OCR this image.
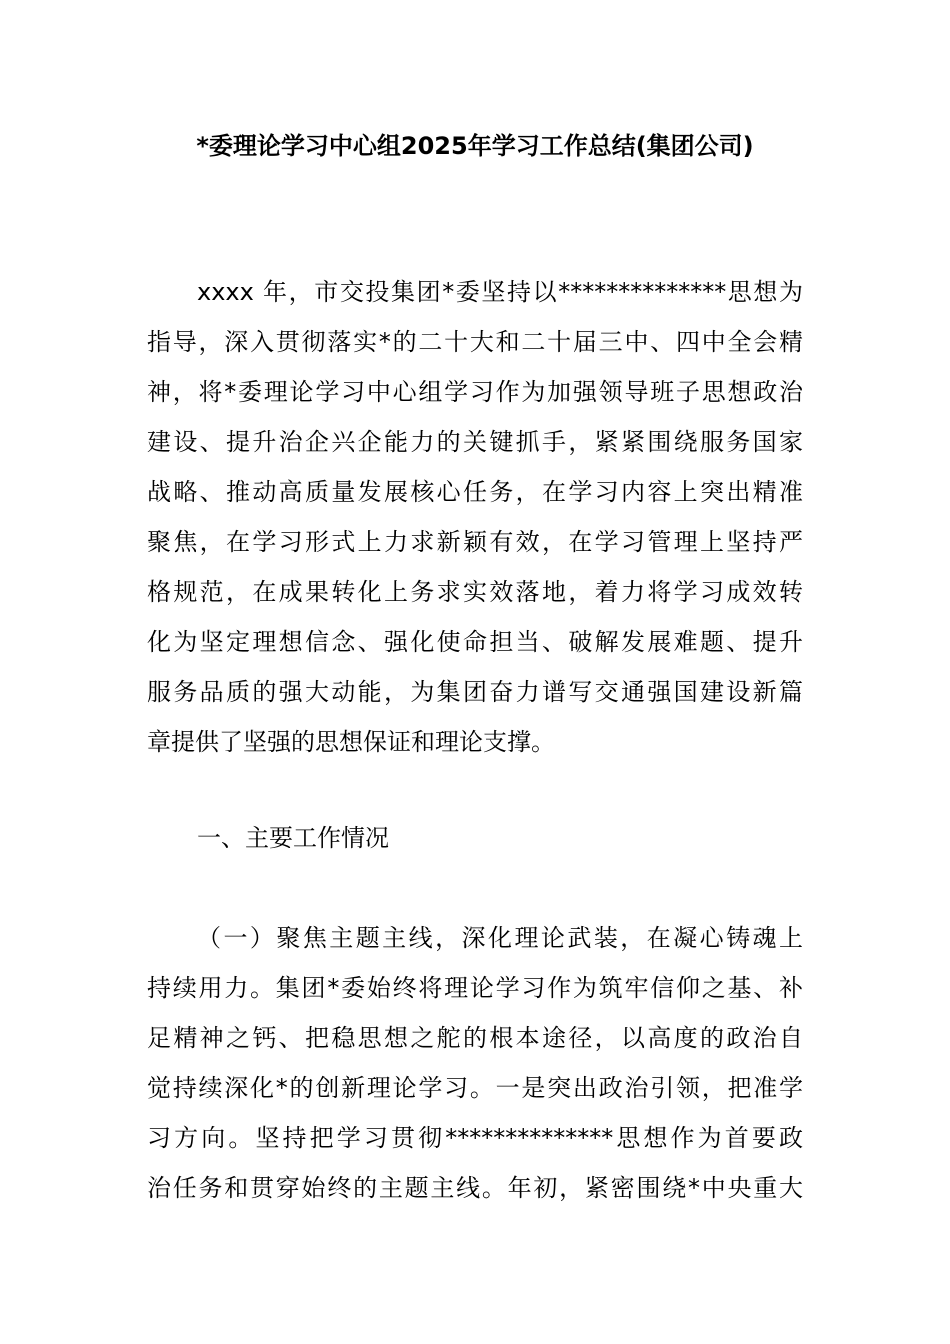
*委理论学习中心组2025年学习工作总结(集团公司)
xxxx 年，市交投集团*委坚持以**************思想为
指导，深入贯彻落实*的二十大和二十届三中、四中全会精
神，将*委理论学习中心组学习作为加强领导班子思想政治
建设、提升治企兴企能力的关键抓手，紧紧围绕服务国家
战略、推动高质量发展核心任务，在学习内容上突出精准
聚焦，在学习形式上力求新颖有效，在学习管理上坚持严
格规范，在成果转化上务求实效落地，着力将学习成效转
化为坚定理想信念、强化使命担当、破解发展难题、提升
服务品质的强大动能，为集团奋力谱写交通强国建设新篇
章提供了坚强的思想保证和理论支撑。
一、主要工作情况
（一）聚焦主题主线，深化理论武装，在凝心铸魂上
持续用力。集团*委始终将理论学习作为筑牢信仰之基、补
足精神之钙、把稳思想之舵的根本途径，以高度的政治自
觉持续深化*的创新理论学习。一是突出政治引领，把准学
习方向。坚持把学习贯彻**************思想作为首要政
治任务和贯穿始终的主题主线。年初，紧密围绕*中央重大
